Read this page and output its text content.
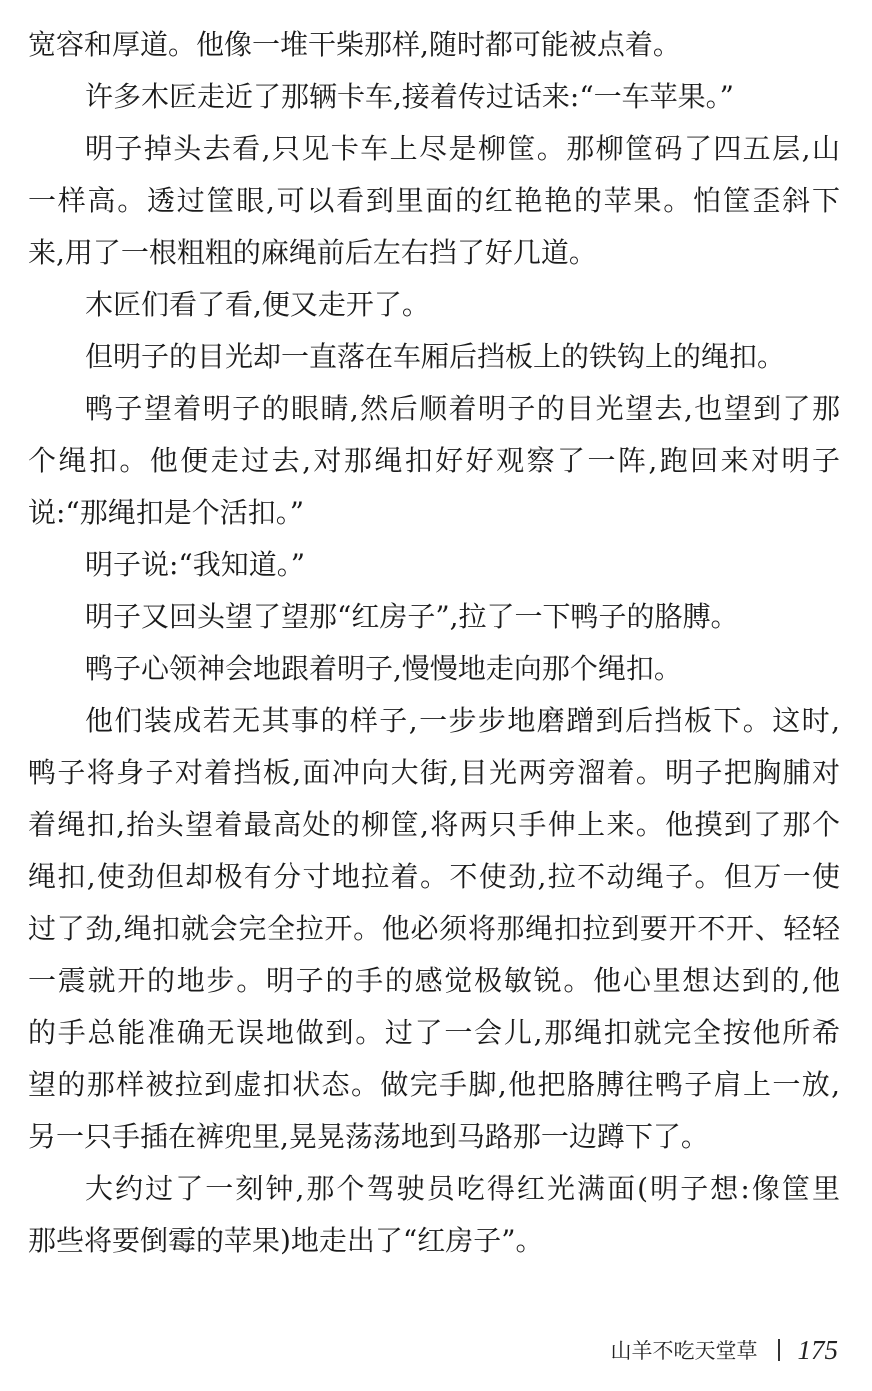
宽容和厚道。他像一堆干柴那样,随时都可能被点着。
许多木匠走近了那辆卡车,接着传过话来:“一车苹果。”
明子掉头去看,只见卡车上尽是柳筐。那柳筐码了四五层,山
一样高。透过筐眼,可以看到里面的红艳艳的苹果。怕筐歪斜下
来,用了一根粗粗的麻绳前后左右挡了好几道。
木匠们看了看,便又走开了。
但明子的目光却一直落在车厢后挡板上的铁钩上的绳扣。
鸭子望着明子的眼睛,然后顺着明子的目光望去,也望到了那
个绳扣。他便走过去,对那绳扣好好观察了一阵,跑回来对明子
说:“那绳扣是个活扣。”
明子说:“我知道。”
明子又回头望了望那“红房子”,拉了一下鸭子的胳膊。
鸭子心领神会地跟着明子,慢慢地走向那个绳扣。
他们装成若无其事的样子,一步步地磨蹭到后挡板下。这时,
鸭子将身子对着挡板,面冲向大街,目光两旁溜着。明子把胸脯对
着绳扣,抬头望着最高处的柳筐,将两只手伸上来。他摸到了那个
绳扣,使劲但却极有分寸地拉着。不使劲,拉不动绳子。但万一使
过了劲,绳扣就会完全拉开。他必须将那绳扣拉到要开不开、轻轻
一震就开的地步。明子的手的感觉极敏锐。他心里想达到的,他
的手总能准确无误地做到。过了一会儿,那绳扣就完全按他所希
望的那样被拉到虚扣状态。做完手脚,他把胳膊往鸭子肩上一放,
另一只手插在裤兜里,晃晃荡荡地到马路那一边蹲下了。
大约过了一刻钟,那个驾驶员吃得红光满面(明子想:像筐里
那些将要倒霉的苹果)地走出了“红房子”。
山羊不吃天堂草 175
